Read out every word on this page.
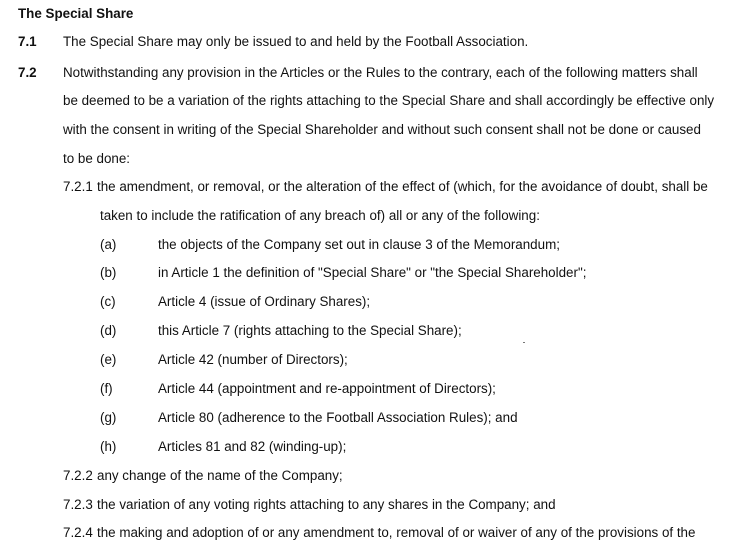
The Special Share
7.1 The Special Share may only be issued to and held by the Football Association.
7.2 Notwithstanding any provision in the Articles or the Rules to the contrary, each of the following matters shall
be deemed to be a variation of the rights attaching to the Special Share and shall accordingly be effective only
with the consent in writing of the Special Shareholder and without such consent shall not be done or caused
to be done:
7.2.1 the amendment, or removal, or the alteration of the effect of (which, for the avoidance of doubt, shall be
taken to include the ratification of any breach of) all or any of the following:
(a)	the objects of the Company set out in clause 3 of the Memorandum;
(b)	in Article 1 the definition of "Special Share" or "the Special Shareholder";
(c)	Article 4 (issue of Ordinary Shares);
(d)	this Article 7 (rights attaching to the Special Share);
(e)	Article 42 (number of Directors);
(f)	Article 44 (appointment and re-appointment of Directors);
(g)	Article 80 (adherence to the Football Association Rules); and
(h)	Articles 81 and 82 (winding-up);
7.2.2 any change of the name of the Company;
7.2.3 the variation of any voting rights attaching to any shares in the Company; and
7.2.4 the making and adoption of or any amendment to, removal of or waiver of any of the provisions of the
